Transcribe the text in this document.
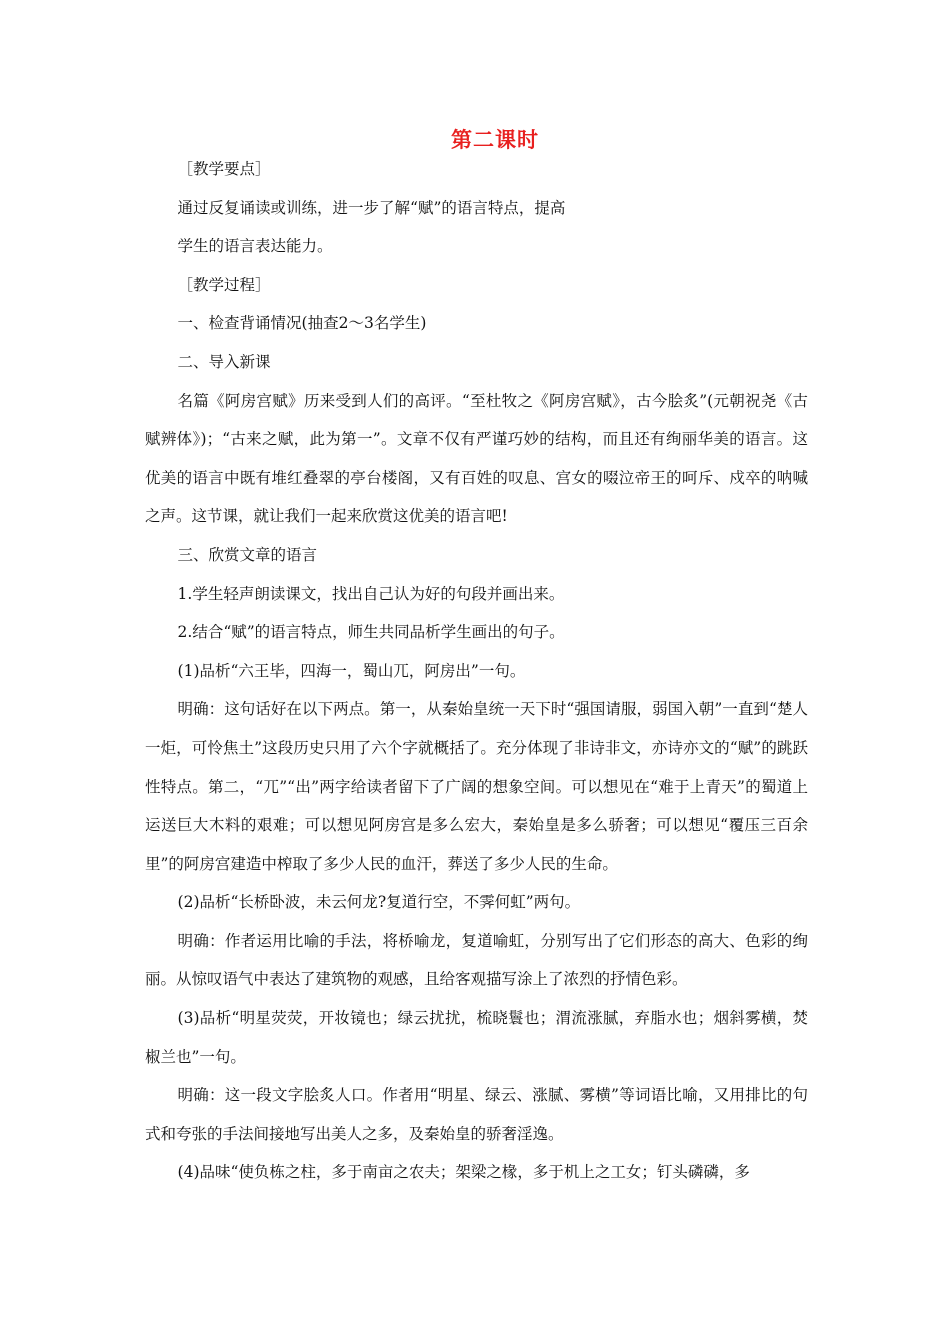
第二课时

［教学要点］

通过反复诵读或训练，进一步了解“赋”的语言特点，提高

学生的语言表达能力。

［教学过程］

一、检查背诵情况(抽查2～3名学生)

二、导入新课

名篇《阿房宫赋》历来受到人们的高评。“至杜牧之《阿房宫赋》，古今脍炙”(元朝祝尧《古赋辨体》)；“古来之赋，此为第一”。文章不仅有严谨巧妙的结构，而且还有绚丽华美的语言。这优美的语言中既有堆红叠翠的亭台楼阁，又有百姓的叹息、宫女的啜泣帝王的呵斥、戍卒的呐喊之声。这节课，就让我们一起来欣赏这优美的语言吧!

三、欣赏文章的语言

1.学生轻声朗读课文，找出自己认为好的句段并画出来。

2.结合“赋”的语言特点，师生共同品析学生画出的句子。

(1)品析“六王毕，四海一，蜀山兀，阿房出”一句。

明确：这句话好在以下两点。第一，从秦始皇统一天下时“强国请服，弱国入朝”一直到“楚人一炬，可怜焦土”这段历史只用了六个字就概括了。充分体现了非诗非文，亦诗亦文的“赋”的跳跃性特点。第二，“兀”“出”两字给读者留下了广阔的想象空间。可以想见在“难于上青天”的蜀道上运送巨大木料的艰难；可以想见阿房宫是多么宏大，秦始皇是多么骄奢；可以想见“覆压三百余里”的阿房宫建造中榨取了多少人民的血汗，葬送了多少人民的生命。

(2)品析“长桥卧波，未云何龙?复道行空，不霁何虹”两句。

明确：作者运用比喻的手法，将桥喻龙，复道喻虹，分别写出了它们形态的高大、色彩的绚丽。从惊叹语气中表达了建筑物的观感，且给客观描写涂上了浓烈的抒情色彩。

(3)品析“明星荧荧，开妆镜也；绿云扰扰，梳晓鬟也；渭流涨腻，弃脂水也；烟斜雾横，焚椒兰也”一句。

明确：这一段文字脍炙人口。作者用“明星、绿云、涨腻、雾横”等词语比喻，又用排比的句式和夸张的手法间接地写出美人之多，及秦始皇的骄奢淫逸。

(4)品味“使负栋之柱，多于南亩之农夫；架梁之椽，多于机上之工女；钉头磷磷，多
